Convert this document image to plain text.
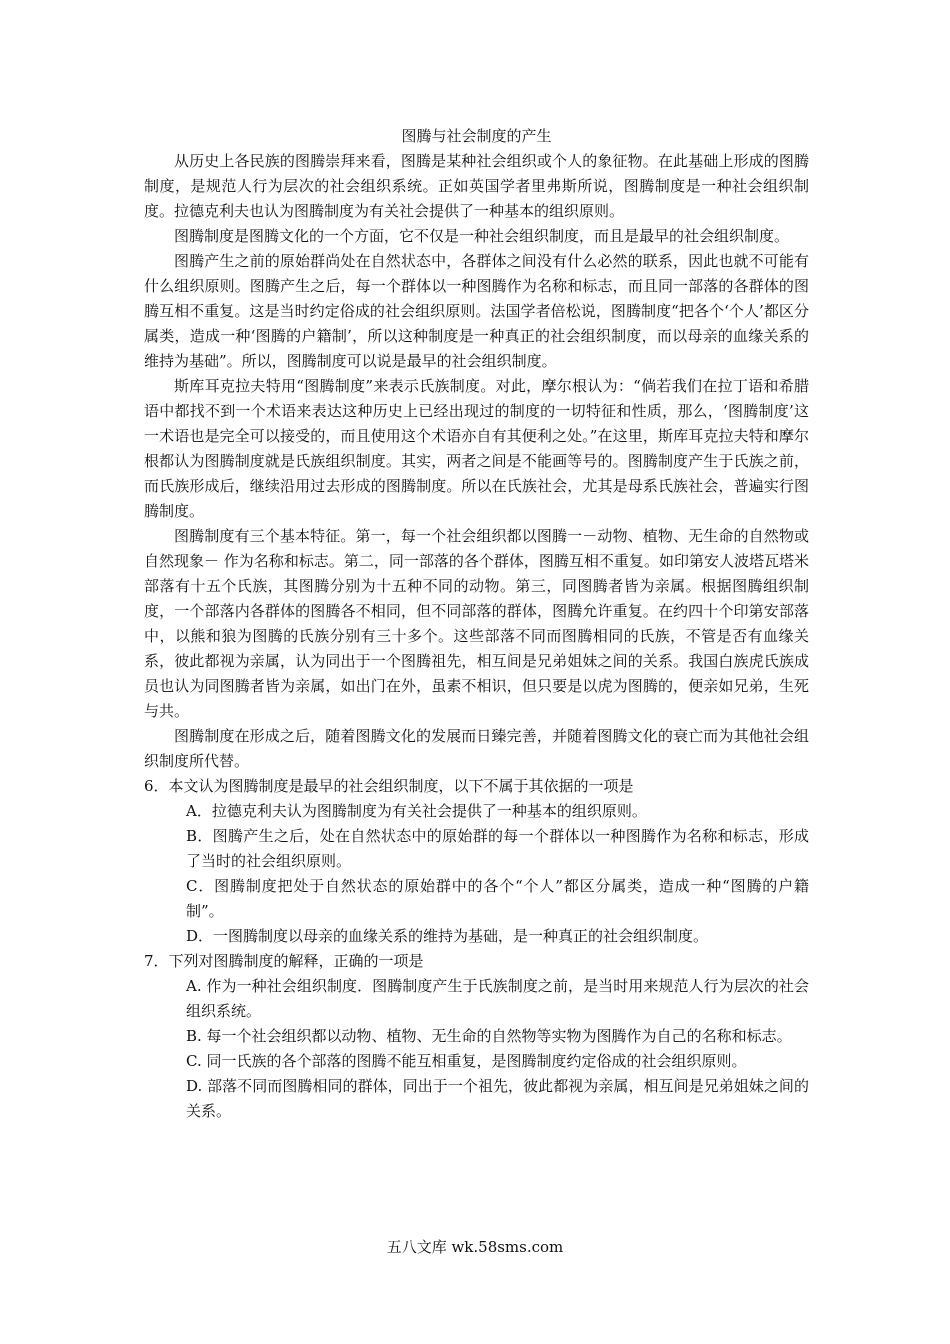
图腾与社会制度的产生

从历史上各民族的图腾崇拜来看，图腾是某种社会组织或个人的象征物。在此基础上形成的图腾制度，是规范人行为层次的社会组织系统。正如英国学者里弗斯所说，图腾制度是一种社会组织制度。拉德克利夫也认为图腾制度为有关社会提供了一种基本的组织原则。

图腾制度是图腾文化的一个方面，它不仅是一种社会组织制度，而且是最早的社会组织制度。

图腾产生之前的原始群尚处在自然状态中，各群体之间没有什么必然的联系，因此也就不可能有什么组织原则。图腾产生之后，每一个群体以一种图腾作为名称和标志，而且同一部落的各群体的图腾互相不重复。这是当时约定俗成的社会组织原则。法国学者倍松说，图腾制度“把各个‘个人’都区分属类，造成一种‘图腾的户籍制’，所以这种制度是一种真正的社会组织制度，而以母亲的血缘关系的维持为基础”。所以，图腾制度可以说是最早的社会组织制度。

斯库耳克拉夫特用“图腾制度”来表示氏族制度。对此，摩尔根认为：“倘若我们在拉丁语和希腊语中都找不到一个术语来表达这种历史上已经出现过的制度的一切特征和性质，那么，‘图腾制度’这一术语也是完全可以接受的，而且使用这个术语亦自有其便利之处。”在这里，斯库耳克拉夫特和摩尔根都认为图腾制度就是氏族组织制度。其实，两者之间是不能画等号的。图腾制度产生于氏族之前，而氏族形成后，继续沿用过去形成的图腾制度。所以在氏族社会，尤其是母系氏族社会，普遍实行图腾制度。

图腾制度有三个基本特征。第一，每一个社会组织都以图腾一－动物、植物、无生命的自然物或自然现象－ 作为名称和标志。第二，同一部落的各个群体，图腾互相不重复。如印第安人波塔瓦塔米部落有十五个氏族，其图腾分别为十五种不同的动物。第三，同图腾者皆为亲属。根据图腾组织制度，一个部落内各群体的图腾各不相同，但不同部落的群体，图腾允许重复。在约四十个印第安部落中，以熊和狼为图腾的氏族分别有三十多个。这些部落不同而图腾相同的氏族，不管是否有血缘关系，彼此都视为亲属，认为同出于一个图腾祖先，相互间是兄弟姐妹之间的关系。我国白族虎氏族成员也认为同图腾者皆为亲属，如出门在外，虽素不相识，但只要是以虎为图腾的，便亲如兄弟，生死与共。

图腾制度在形成之后，随着图腾文化的发展而日臻完善，并随着图腾文化的衰亡而为其他社会组织制度所代替。

6．本文认为图腾制度是最早的社会组织制度，以下不属于其依据的一项是

A．拉德克利夫认为图腾制度为有关社会提供了一种基本的组织原则。

B．图腾产生之后，处在自然状态中的原始群的每一个群体以一种图腾作为名称和标志，形成了当时的社会组织原则。

C．图腾制度把处于自然状态的原始群中的各个“个人”都区分属类，造成一种“图腾的户籍制”。

D．一图腾制度以母亲的血缘关系的维持为基础，是一种真正的社会组织制度。

7．下列对图腾制度的解释，正确的一项是

A. 作为一种社会组织制度．图腾制度产生于氏族制度之前，是当时用来规范人行为层次的社会组织系统。

B. 每一个社会组织都以动物、植物、无生命的自然物等实物为图腾作为自己的名称和标志。

C. 同一氏族的各个部落的图腾不能互相重复，是图腾制度约定俗成的社会组织原则。

D. 部落不同而图腾相同的群体，同出于一个祖先，彼此都视为亲属，相互间是兄弟姐妹之间的关系。

五八文库 wk.58sms.com
